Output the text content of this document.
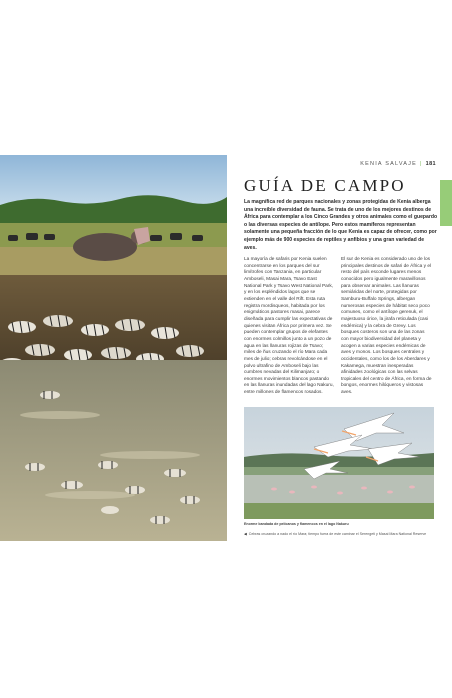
KENIA SALVAJE | 181
GUÍA DE CAMPO

La magnífica red de parques nacionales y zonas protegidas de Kenia alberga una increíble diversidad de fauna. Se trata de uno de los mejores destinos de África para contemplar a los Cinco Grandes y otros animales como el guepardo o las diversas especies de antílope. Pero estos mamíferos representan solamente una pequeña fracción de lo que Kenia es capaz de ofrecer, como por ejemplo más de 900 especies de reptiles y anfibios y una gran variedad de aves.

La mayoría de safaris por Kenia suelen concentrarse en los parques del sur limítrofes con Tanzania, en particular Amboseli, Masai Mara, Tsavo East National Park y Tsavo West National Park, y en los espléndidos lagos que se extienden en el valle del Rift. Esta ruta registra mordisqueos, habitada por los enigmáticos pastores masai, parece diseñada para cumplir las expectativas de quienes visitan África por primera vez. Se pueden contemplar grupos de elefantes con enormes colmillos junto a un pozo de agua en las llanuras rojizas de Tsavo; miles de ñus cruzando el río Mara cada mes de julio; cebras revolcándose en el polvo ultrafino de Amboseli bajo las cumbres nevadas del Kilimanjaro; o enormes movimientos blancos pastando en las llanuras inundadas del lago Nakuru, entre millones de flamencos rosados.

El sur de Kenia es considerado uno de los principales destinos de safari de África y el resto del país esconde lugares menos conocidos pero igualmente maravillosos para observar animales. Las llanuras semiáridas del norte, protegidas por Samburu-Buffalo Springs, albergan numerosas especies de hábitat seco poco comunes, como el antílope gerenuk, el majestuoso órice, la jirafa reticulada (casi endémica) y la cebra de Grevy. Los bosques costeros son una de las zonas con mayor biodiversidad del planeta y acogen a varias especies endémicas de aves y monos. Los bosques centrales y occidentales, como los de los Aberdares y Kakamega, muestran inesperadas afinidades zoológicas con las selvas tropicales del centro de África, en forma de bongos, enormes hilóqueros y vistosas aves.

Enorme bandada de pelícanos y flamencos en el lago Nakuru

◀ Cebras cruzando a nado el río Mara; tiempo fuera de este caminar el Serengeti y Masai Mara National Reserve
